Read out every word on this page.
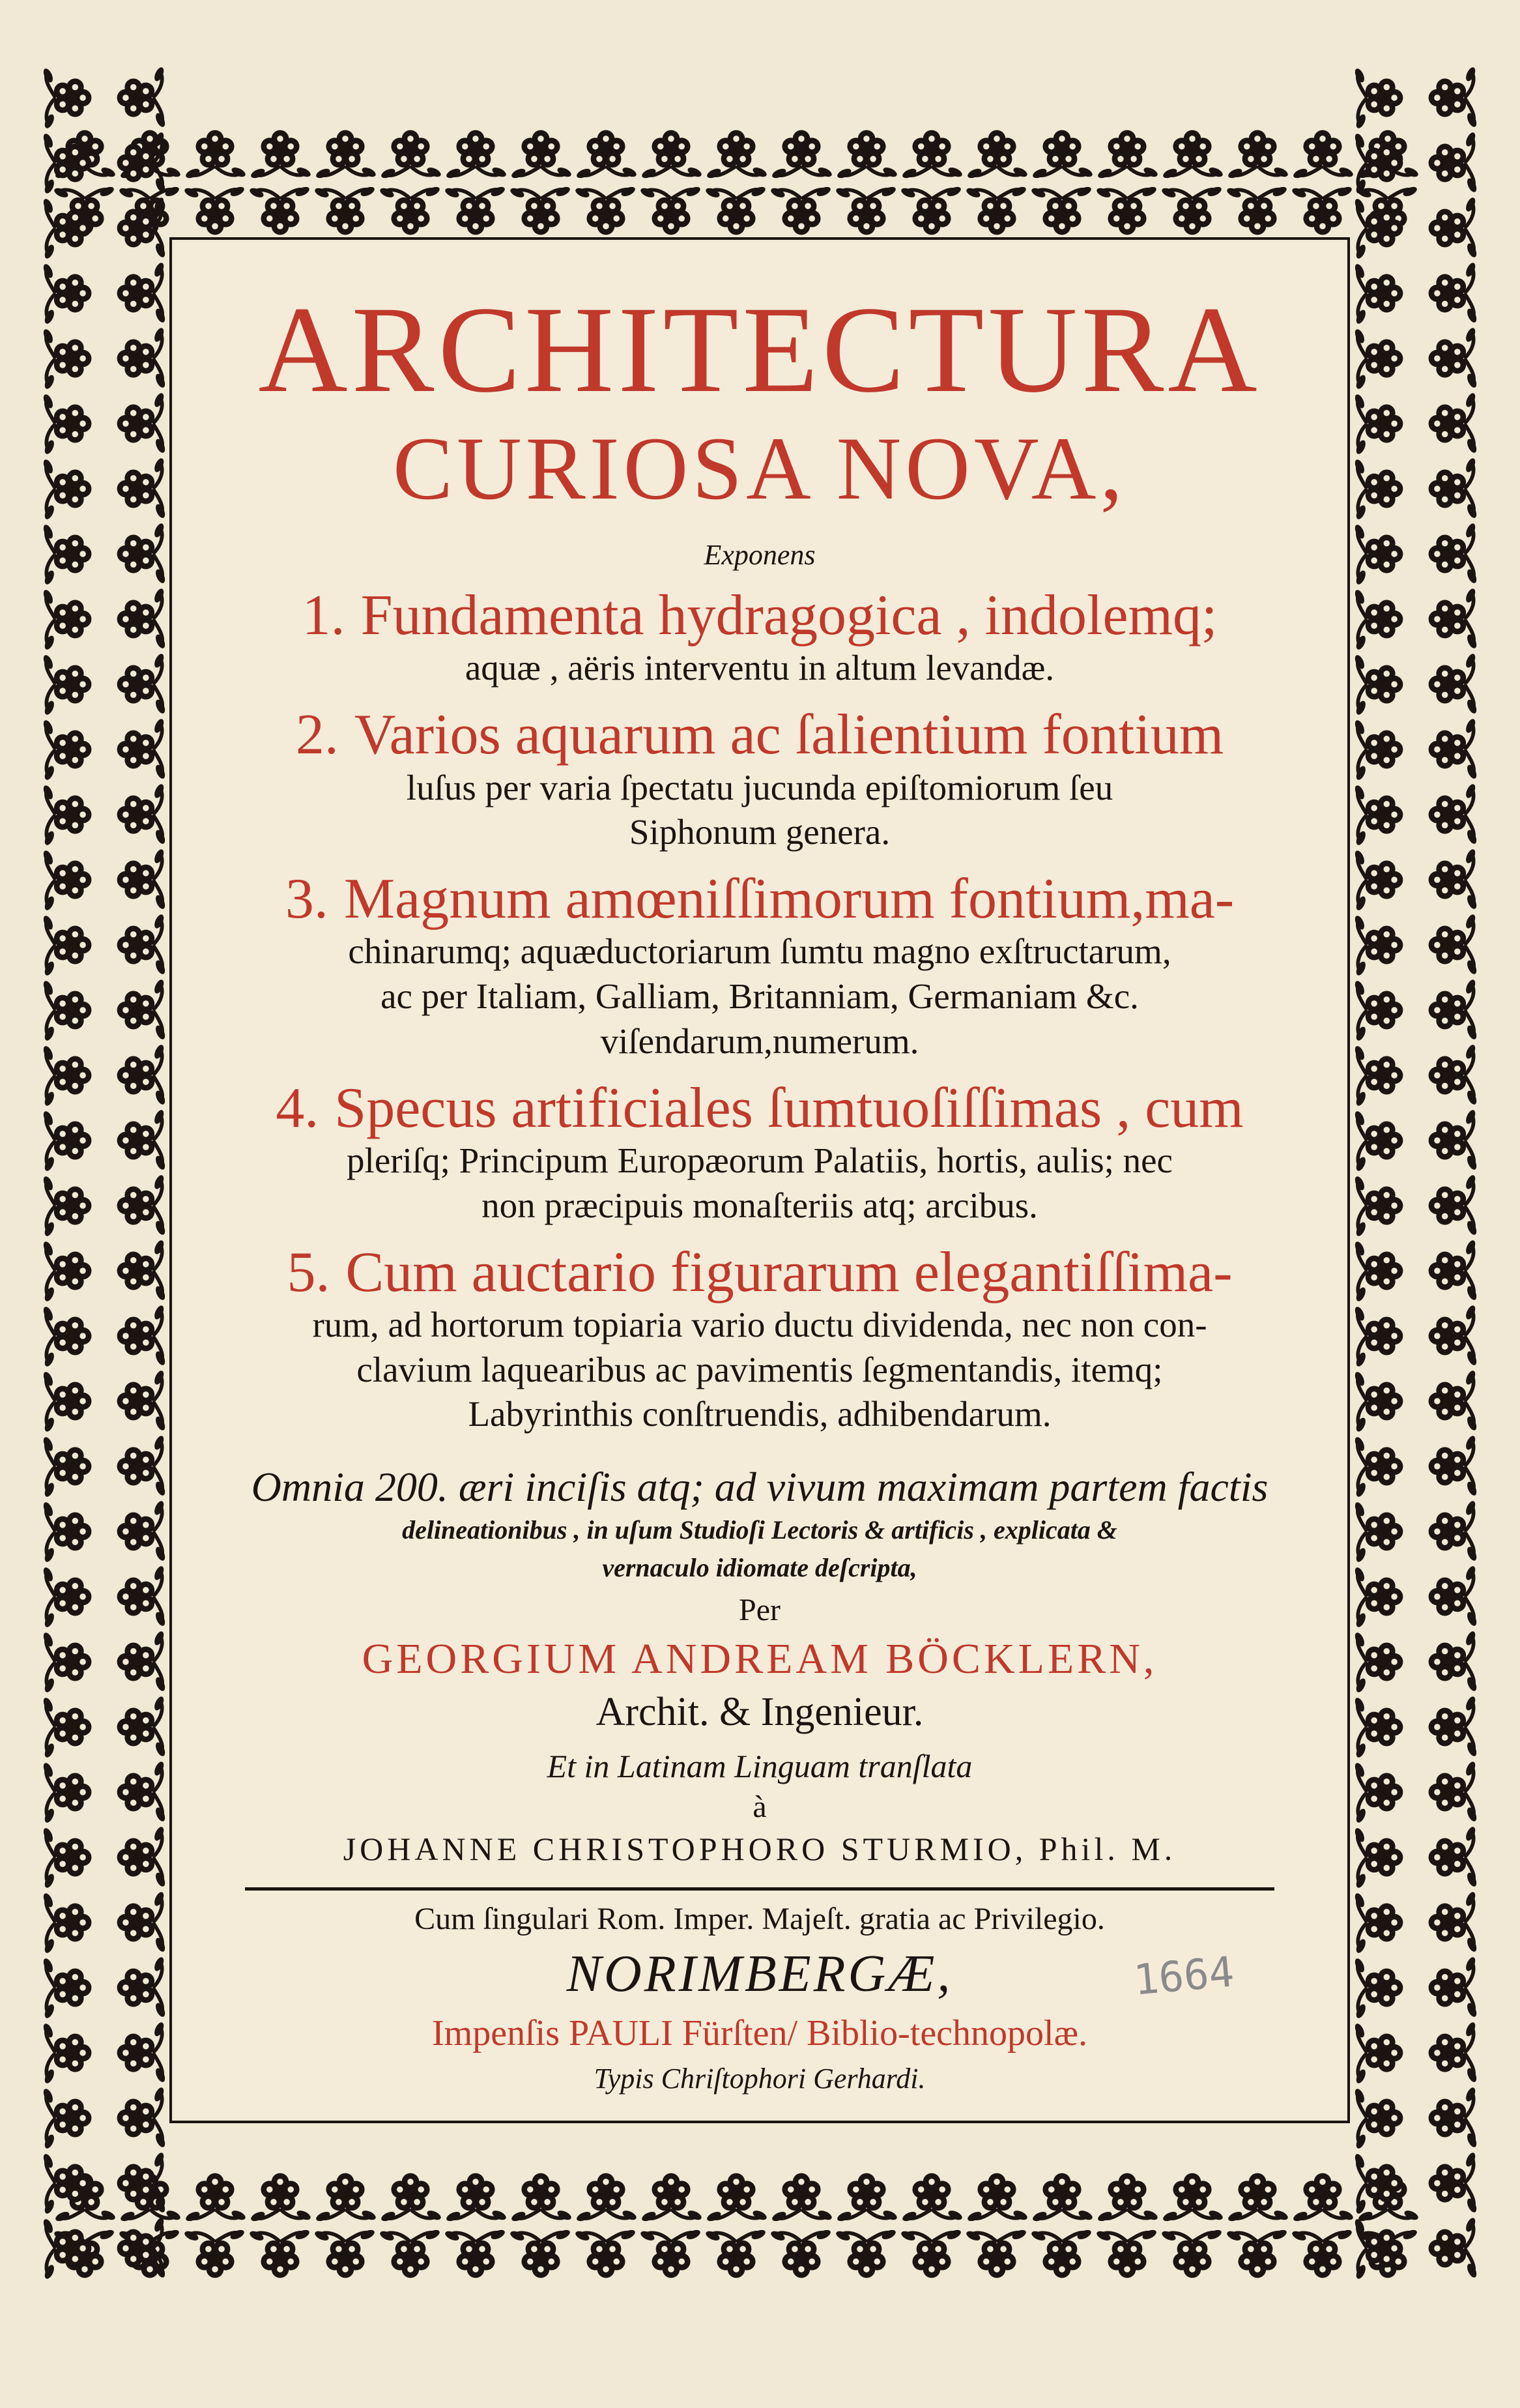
ARCHITECTURA
CURIOSA NOVA,
Exponens
1. Fundamenta hydragogica , indolemq;
aquæ , aëris interventu in altum levandæ.
2. Varios aquarum ac ſalientium fontium
luſus per varia ſpectatu jucunda epiſtomiorum ſeu
Siphonum genera.
3. Magnum amœniſſimorum fontium,ma-
chinarumq; aquæductoriarum ſumtu magno exſtructarum,
ac per Italiam, Galliam, Britanniam, Germaniam &c.
viſendarum,numerum.
4. Specus artificiales ſumtuoſiſſimas , cum
pleriſq; Principum Europæorum Palatiis, hortis, aulis; nec
non præcipuis monaſteriis atq; arcibus.
5. Cum auctario figurarum elegantiſſima-
rum, ad hortorum topiaria vario ductu dividenda, nec non con-
clavium laquearibus ac pavimentis ſegmentandis, itemq;
Labyrinthis conſtruendis, adhibendarum.
Omnia 200. æri inciſis atq; ad vivum maximam partem factis
delineationibus , in uſum Studioſi Lectoris & artificis , explicata &
vernaculo idiomate deſcripta,
Per
GEORGIUM ANDREAM BÖCKLERN,
Archit. & Ingenieur.
Et in Latinam Linguam tranſlata
à
JOHANNE CHRISTOPHORO STURMIO, Phil. M.
Cum ſingulari Rom. Imper. Majeſt. gratia ac Privilegio.
NORIMBERGÆ,	1664
Impenſis PAULI Fürſten/ Biblio-technopolæ.
Typis Chriſtophori Gerhardi.
